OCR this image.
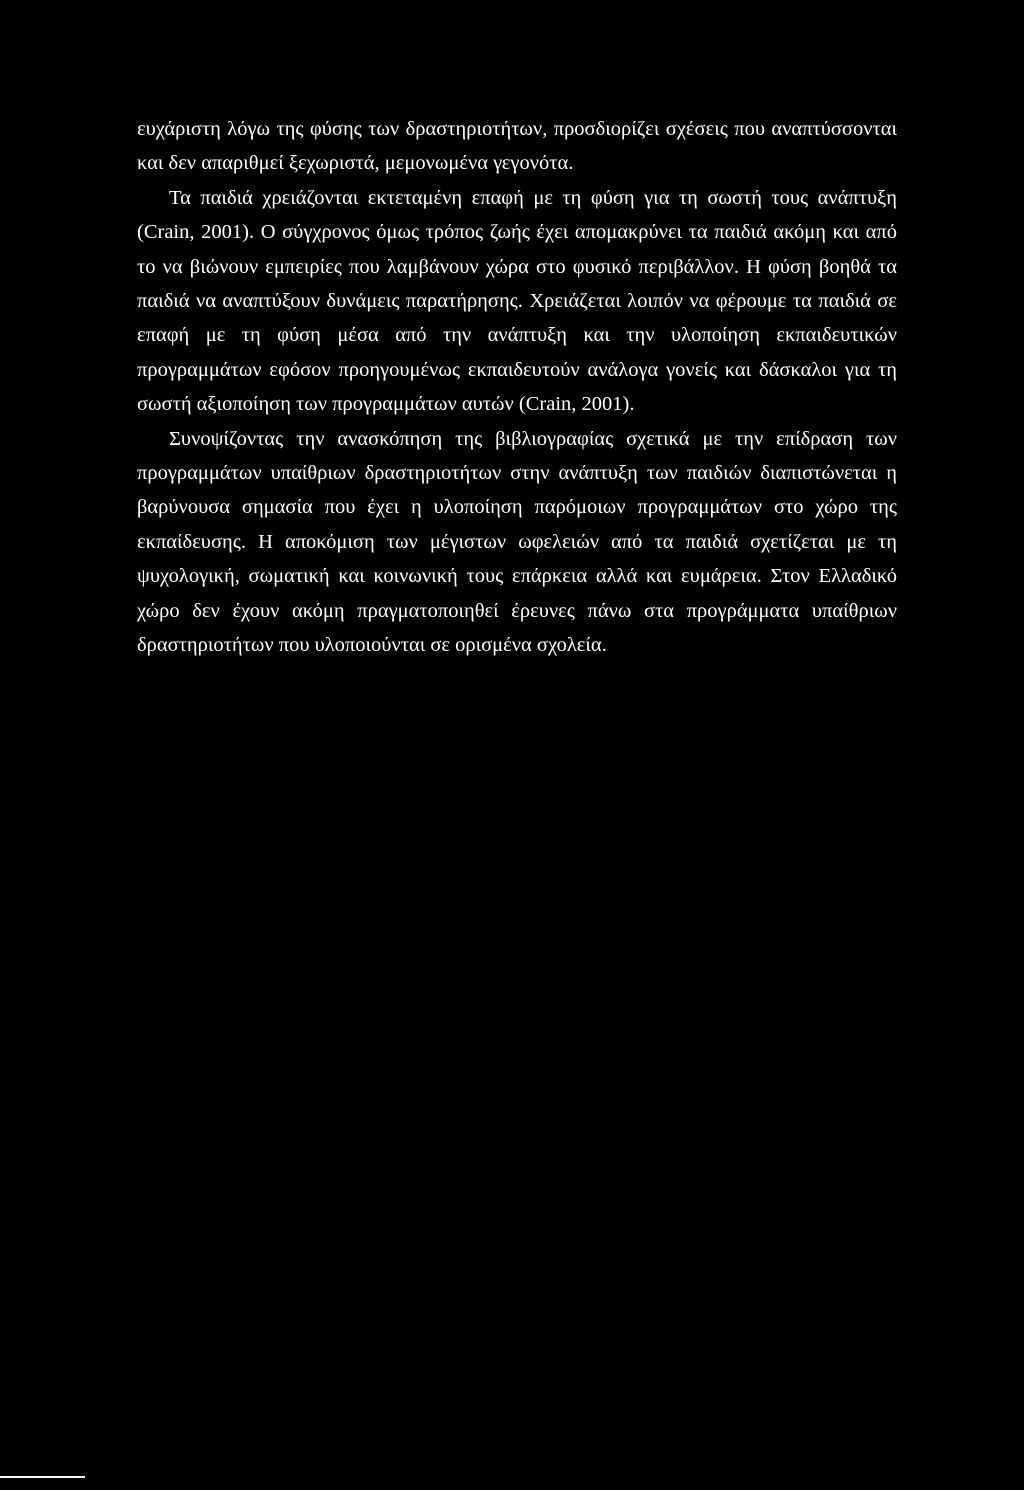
ευχάριστη λόγω της φύσης των δραστηριοτήτων, προσδιορίζει σχέσεις που αναπτύσσονται και δεν απαριθμεί ξεχωριστά, μεμονωμένα γεγονότα.

Τα παιδιά χρειάζονται εκτεταμένη επαφή με τη φύση για τη σωστή τους ανάπτυξη (Crain, 2001). Ο σύγχρονος όμως τρόπος ζωής έχει απομακρύνει τα παιδιά ακόμη και από το να βιώνουν εμπειρίες που λαμβάνουν χώρα στο φυσικό περιβάλλον. Η φύση βοηθά τα παιδιά να αναπτύξουν δυνάμεις παρατήρησης. Χρειάζεται λοιπόν να φέρουμε τα παιδιά σε επαφή με τη φύση μέσα από την ανάπτυξη και την υλοποίηση εκπαιδευτικών προγραμμάτων εφόσον προηγουμένως εκπαιδευτούν ανάλογα γονείς και δάσκαλοι για τη σωστή αξιοποίηση των προγραμμάτων αυτών (Crain, 2001).

Συνοψίζοντας την ανασκόπηση της βιβλιογραφίας σχετικά με την επίδραση των προγραμμάτων υπαίθριων δραστηριοτήτων στην ανάπτυξη των παιδιών διαπιστώνεται η βαρύνουσα σημασία που έχει η υλοποίηση παρόμοιων προγραμμάτων στο χώρο της εκπαίδευσης. Η αποκόμιση των μέγιστων ωφελειών από τα παιδιά σχετίζεται με τη ψυχολογική, σωματική και κοινωνική τους επάρκεια αλλά και ευμάρεια. Στον Ελλαδικό χώρο δεν έχουν ακόμη πραγματοποιηθεί έρευνες πάνω στα προγράμματα υπαίθριων δραστηριοτήτων που υλοποιούνται σε ορισμένα σχολεία.
